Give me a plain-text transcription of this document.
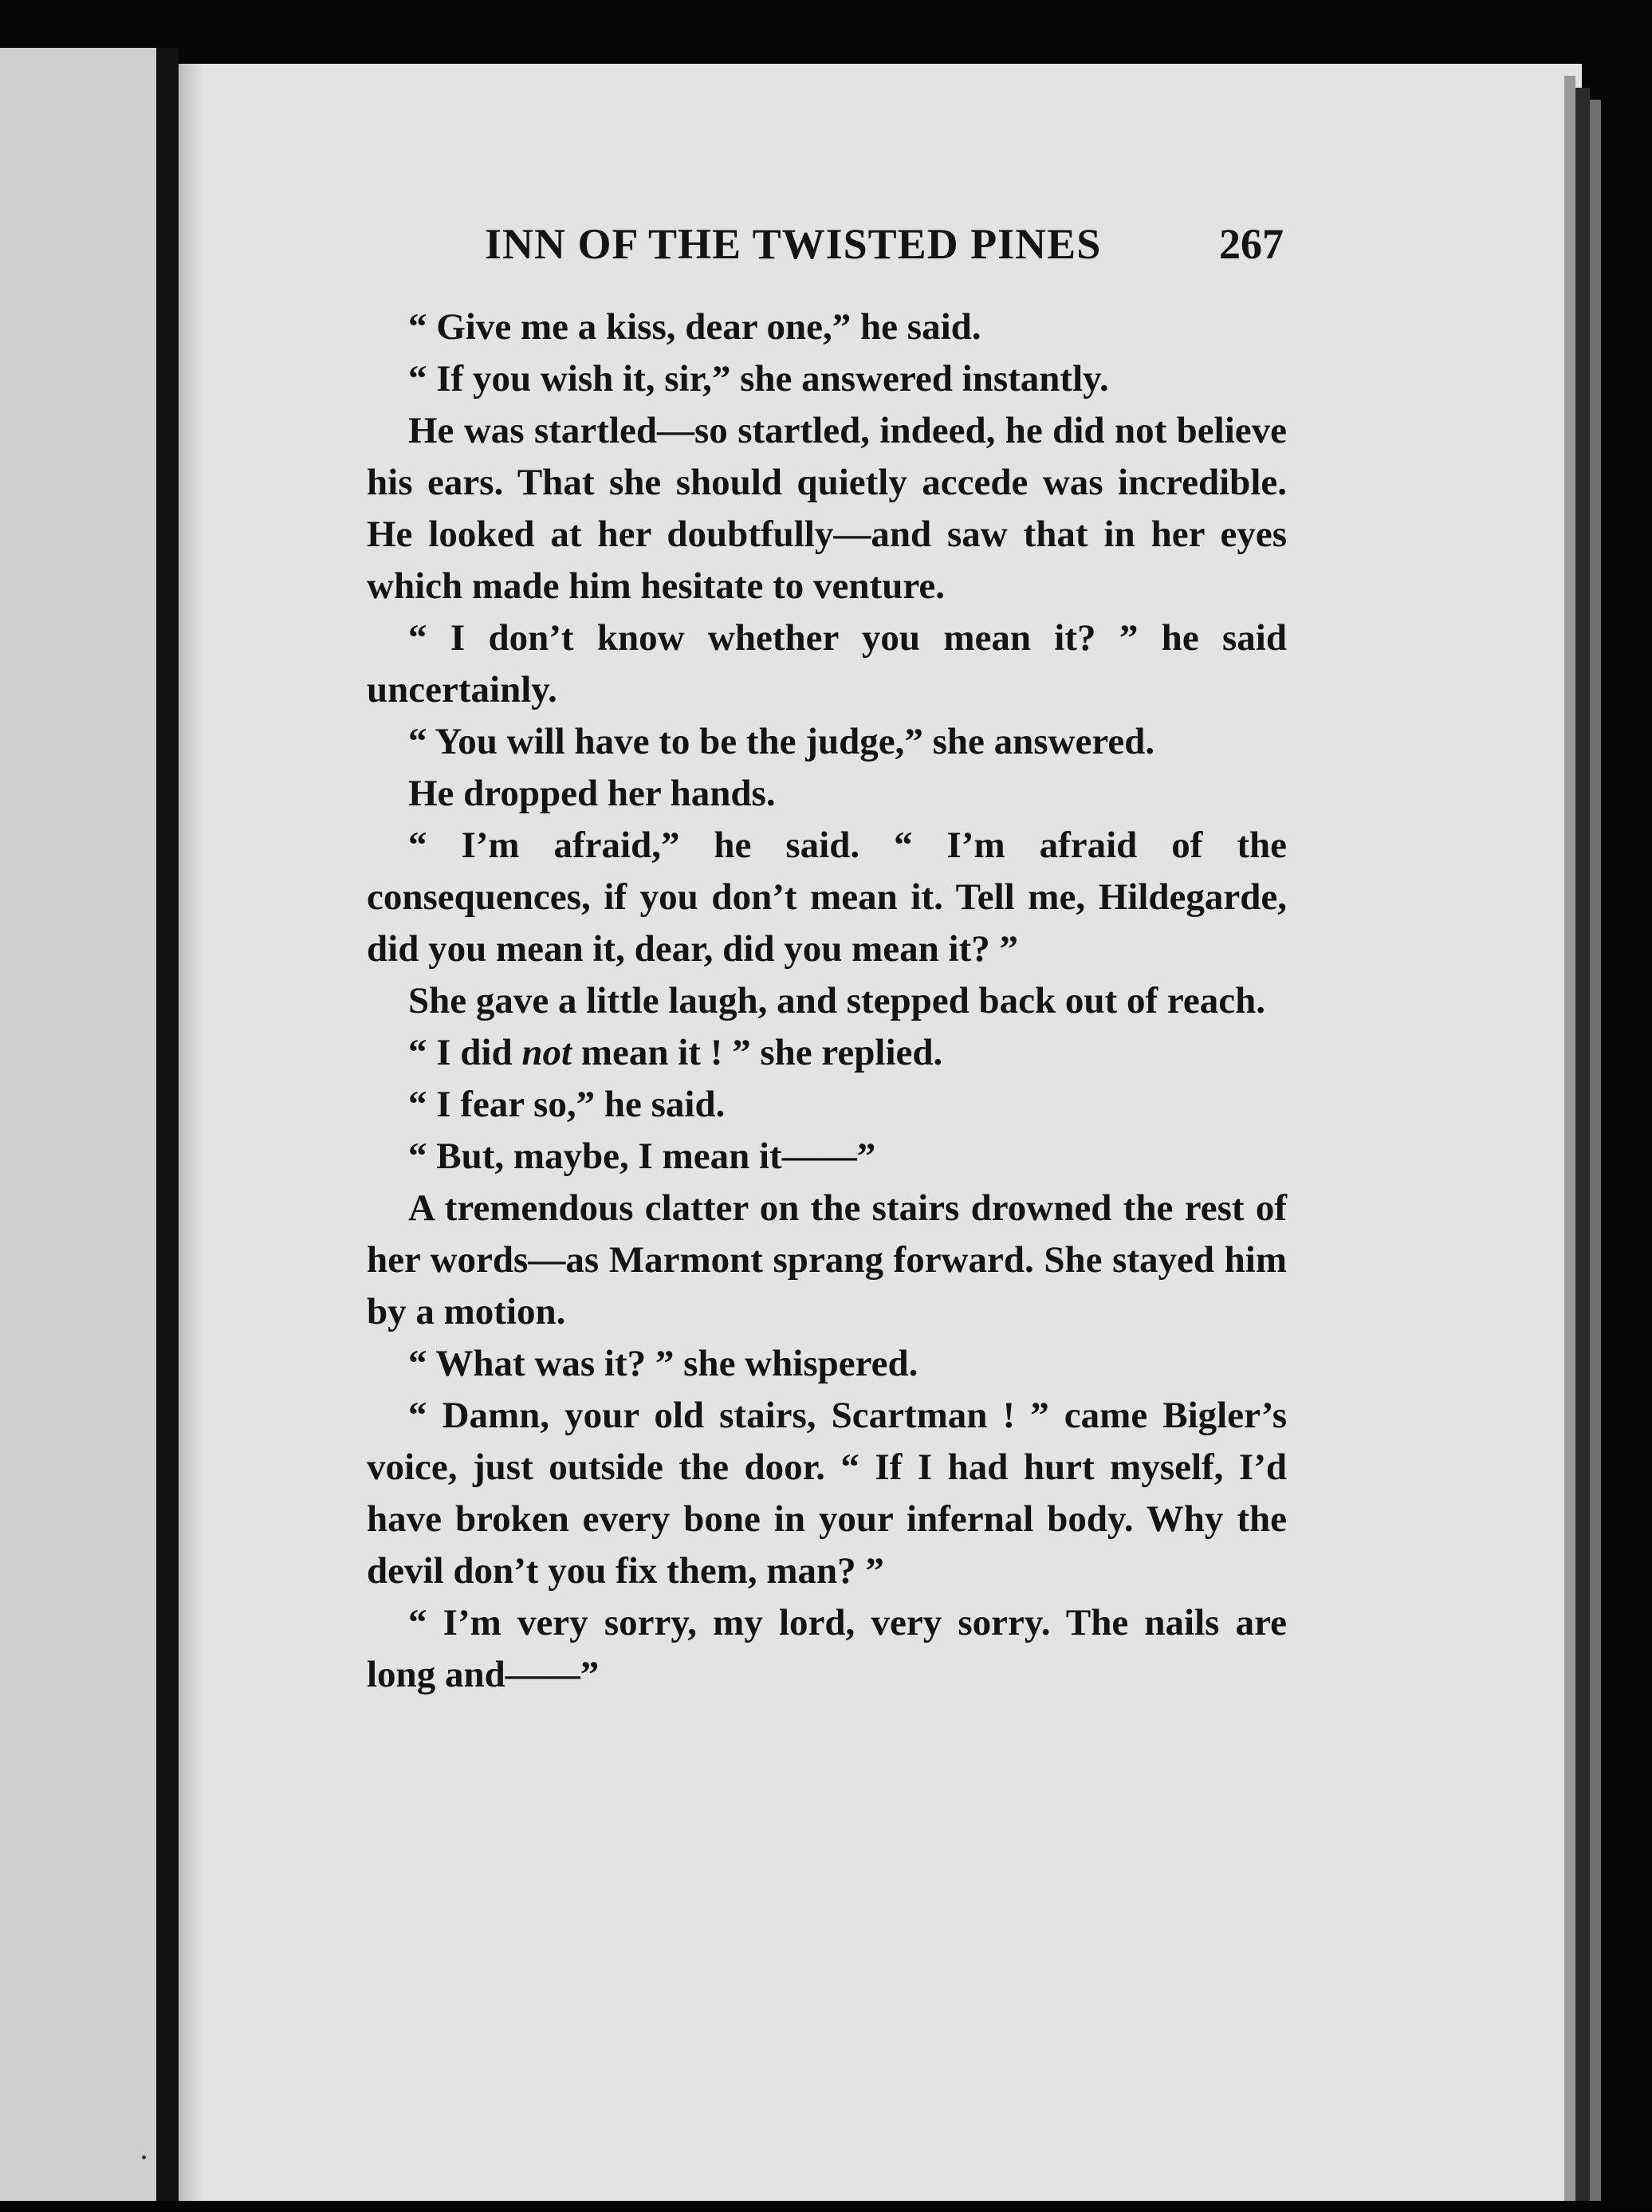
INN OF THE TWISTED PINES	267

“ Give me a kiss, dear one,” he said.

“ If you wish it, sir,” she answered instantly.

He was startled—so startled, indeed, he did not believe his ears. That she should quietly accede was incredible. He looked at her doubtfully—and saw that in her eyes which made him hesitate to venture.

“ I don’t know whether you mean it? ” he said uncertainly.

“ You will have to be the judge,” she answered.

He dropped her hands.

“ I’m afraid,” he said. “ I’m afraid of the consequences, if you don’t mean it. Tell me, Hildegarde, did you mean it, dear, did you mean it? ”

She gave a little laugh, and stepped back out of reach.

“ I did not mean it ! ” she replied.

“ I fear so,” he said.

“ But, maybe, I mean it——”

A tremendous clatter on the stairs drowned the rest of her words—as Marmont sprang forward. She stayed him by a motion.

“ What was it? ” she whispered.

“ Damn, your old stairs, Scartman ! ” came Bigler’s voice, just outside the door. “ If I had hurt myself, I’d have broken every bone in your infernal body. Why the devil don’t you fix them, man? ”

“ I’m very sorry, my lord, very sorry. The nails are long and——”
